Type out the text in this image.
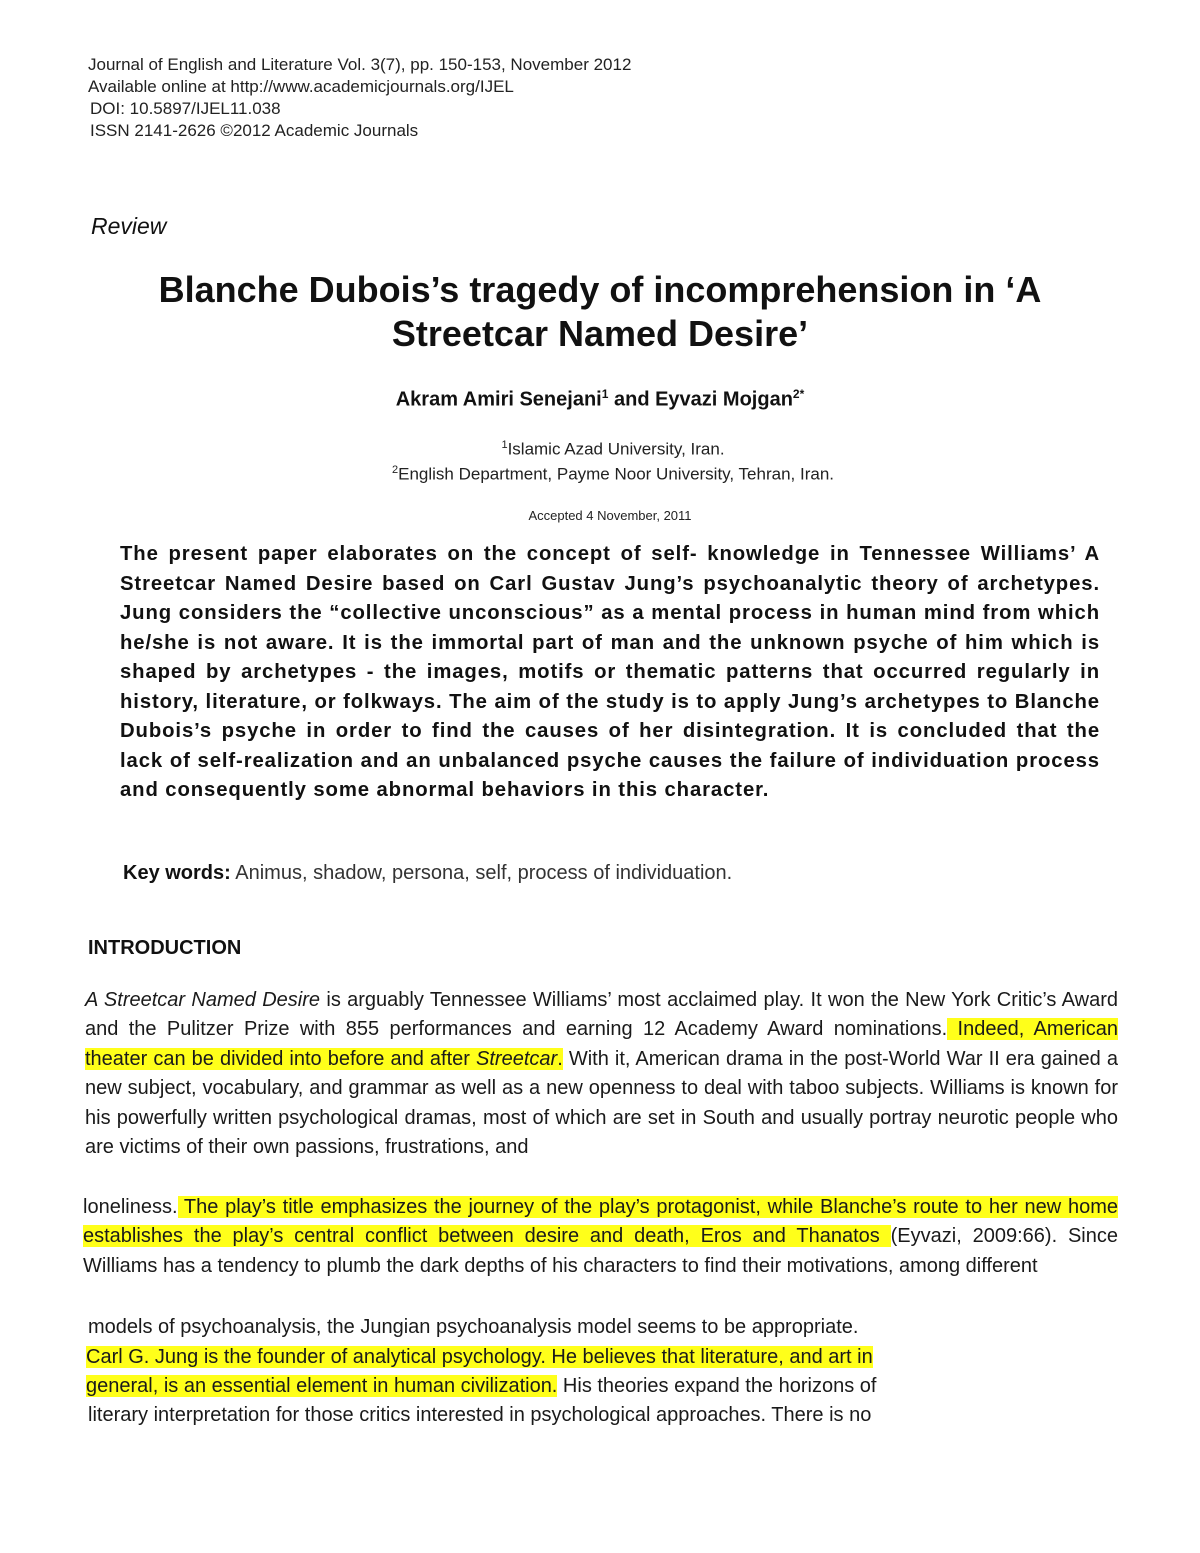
Journal of English and Literature Vol. 3(7), pp. 150-153, November 2012
Available online at http://www.academicjournals.org/IJEL
DOI: 10.5897/IJEL11.038
ISSN 2141-2626 ©2012 Academic Journals
Review
Blanche Dubois’s tragedy of incomprehension in ‘A Streetcar Named Desire’
Akram Amiri Senejani$^1$ and Eyvazi Mojgan$^{2*}$
$^1$Islamic Azad University, Iran.
$^2$English Department, Payme Noor University, Tehran, Iran.
Accepted 4 November, 2011
The present paper elaborates on the concept of self- knowledge in Tennessee Williams’ A Streetcar Named Desire based on Carl Gustav Jung’s psychoanalytic theory of archetypes. Jung considers the “collective unconscious” as a mental process in human mind from which he/she is not aware. It is the immortal part of man and the unknown psyche of him which is shaped by archetypes - the images, motifs or thematic patterns that occurred regularly in history, literature, or folkways. The aim of the study is to apply Jung’s archetypes to Blanche Dubois’s psyche in order to find the causes of her disintegration. It is concluded that the lack of self-realization and an unbalanced psyche causes the failure of individuation process and consequently some abnormal behaviors in this character.
Key words: Animus, shadow, persona, self, process of individuation.
INTRODUCTION
A Streetcar Named Desire is arguably Tennessee Williams’ most acclaimed play. It won the New York Critic’s Award and the Pulitzer Prize with 855 performances and earning 12 Academy Award nominations. Indeed, American theater can be divided into before and after Streetcar. With it, American drama in the post-World War II era gained a new subject, vocabulary, and grammar as well as a new openness to deal with taboo subjects. Williams is known for his powerfully written psychological dramas, most of which are set in South and usually portray neurotic people who are victims of their own passions, frustrations, and
loneliness. The play’s title emphasizes the journey of the play’s protagonist, while Blanche’s route to her new home establishes the play’s central conflict between desire and death, Eros and Thanatos (Eyvazi, 2009:66). Since Williams has a tendency to plumb the dark depths of his characters to find their motivations, among different
models of psychoanalysis, the Jungian psychoanalysis model seems to be appropriate.
Carl G. Jung is the founder of analytical psychology. He believes that literature, and art in
general, is an essential element in human civilization. His theories expand the horizons of
literary interpretation for those critics interested in psychological approaches. There is no
